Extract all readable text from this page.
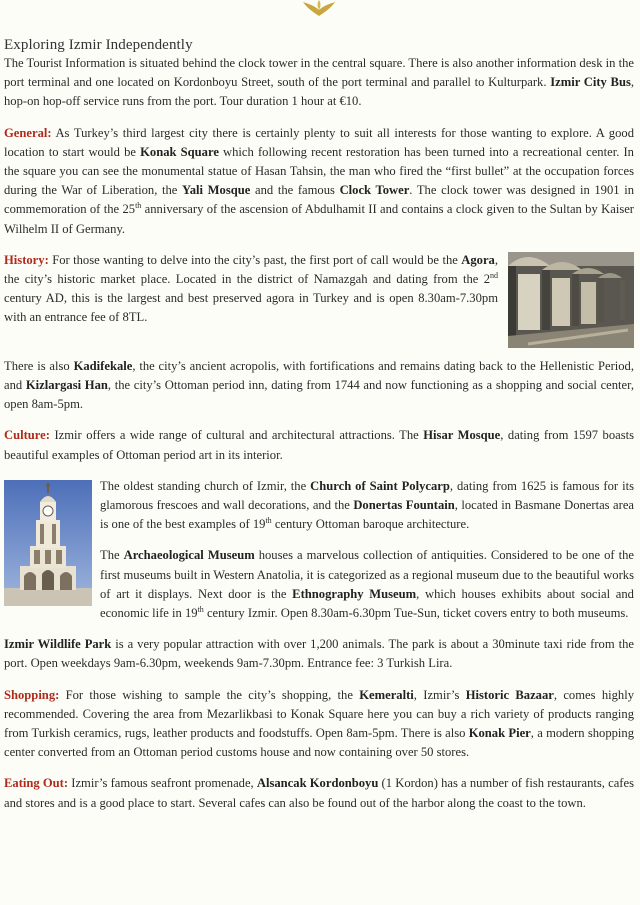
Exploring Izmir Independently

The Tourist Information is situated behind the clock tower in the central square. There is also another information desk in the port terminal and one located on Kordonboyu Street, south of the port terminal and parallel to Kulturpark. Izmir City Bus, hop-on hop-off service runs from the port. Tour duration 1 hour at €10.

General: As Turkey’s third largest city there is certainly plenty to suit all interests for those wanting to explore. A good location to start would be Konak Square which following recent restoration has been turned into a recreational center. In the square you can see the monumental statue of Hasan Tahsin, the man who fired the “first bullet” at the occupation forces during the War of Liberation, the Yali Mosque and the famous Clock Tower. The clock tower was designed in 1901 in commemoration of the 25th anniversary of the ascension of Abdulhamit II and contains a clock given to the Sultan by Kaiser Wilhelm II of Germany.

History: For those wanting to delve into the city’s past, the first port of call would be the Agora, the city’s historic market place. Located in the district of Namazgah and dating from the 2nd century AD, this is the largest and best preserved agora in Turkey and is open 8.30am-7.30pm with an entrance fee of 8TL.

There is also Kadifekale, the city’s ancient acropolis, with fortifications and remains dating back to the Hellenistic Period, and Kizlargasi Han, the city’s Ottoman period inn, dating from 1744 and now functioning as a shopping and social center, open 8am-5pm.

Culture: Izmir offers a wide range of cultural and architectural attractions. The Hisar Mosque, dating from 1597 boasts beautiful examples of Ottoman period art in its interior.

The oldest standing church of Izmir, the Church of Saint Polycarp, dating from 1625 is famous for its glamorous frescoes and wall decorations, and the Donertas Fountain, located in Basmane Donertas area is one of the best examples of 19th century Ottoman baroque architecture.

The Archaeological Museum houses a marvelous collection of antiquities. Considered to be one of the first museums built in Western Anatolia, it is categorized as a regional museum due to the beautiful works of art it displays. Next door is the Ethnography Museum, which houses exhibits about social and economic life in 19th century Izmir. Open 8.30am-6.30pm Tue-Sun, ticket covers entry to both museums.

Izmir Wildlife Park is a very popular attraction with over 1,200 animals. The park is about a 30minute taxi ride from the port. Open weekdays 9am-6.30pm, weekends 9am-7.30pm. Entrance fee: 3 Turkish Lira.

Shopping: For those wishing to sample the city’s shopping, the Kemeralti, Izmir’s Historic Bazaar, comes highly recommended. Covering the area from Mezarlikbasi to Konak Square here you can buy a rich variety of products ranging from Turkish ceramics, rugs, leather products and foodstuffs. Open 8am-5pm. There is also Konak Pier, a modern shopping center converted from an Ottoman period customs house and now containing over 50 stores.

Eating Out: Izmir’s famous seafront promenade, Alsancak Kordonboyu (1 Kordon) has a number of fish restaurants, cafes and stores and is a good place to start. Several cafes can also be found out of the harbor along the coast to the town.
